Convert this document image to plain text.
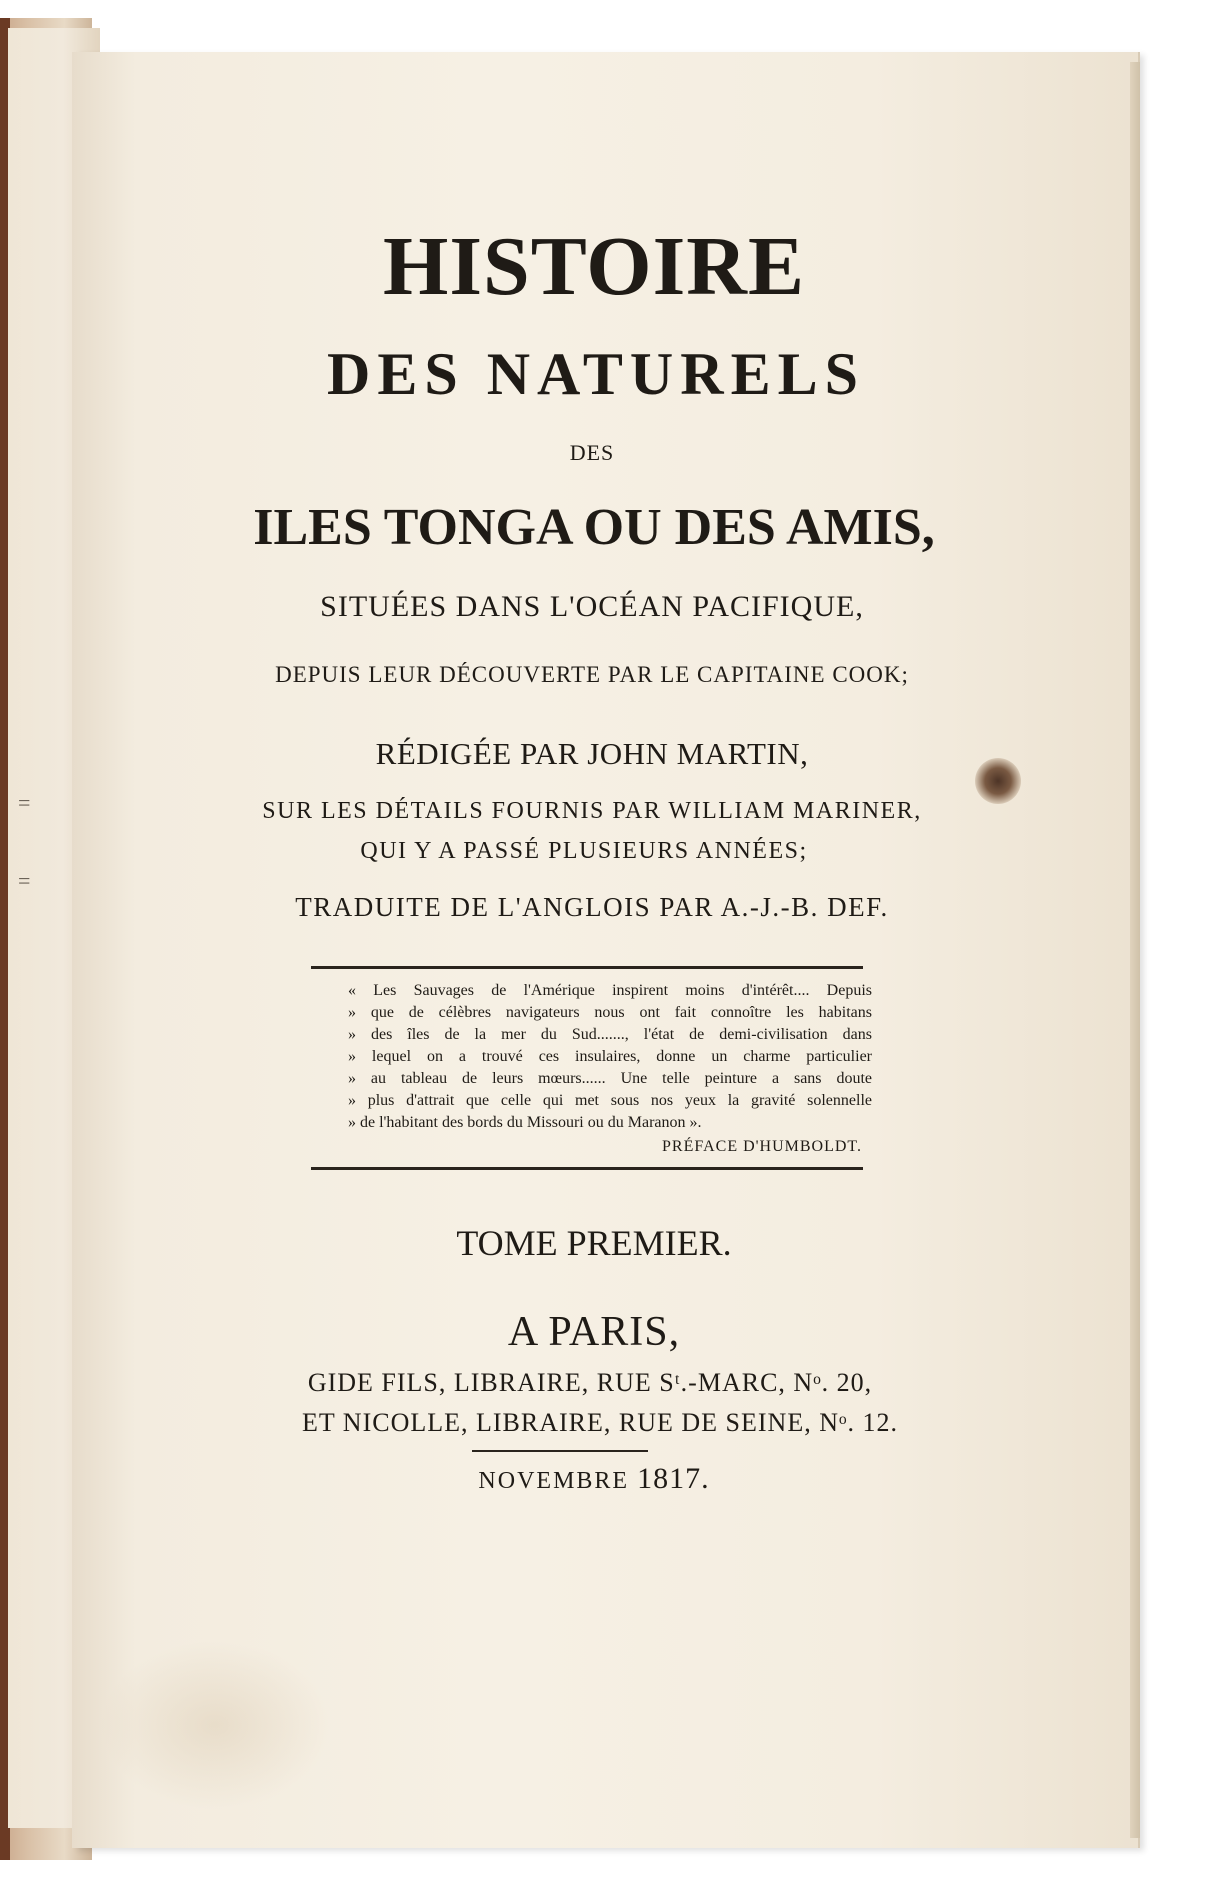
=
=
HISTOIRE
DES NATURELS
DES
ILES TONGA OU DES AMIS,
SITUÉES DANS L'OCÉAN PACIFIQUE,
DEPUIS LEUR DÉCOUVERTE PAR LE CAPITAINE COOK;
RÉDIGÉE PAR JOHN MARTIN,
SUR LES DÉTAILS FOURNIS PAR WILLIAM MARINER,
QUI Y A PASSÉ PLUSIEURS ANNÉES;
TRADUITE DE L'ANGLOIS PAR A.-J.-B. DEF.
« Les Sauvages de l'Amérique inspirent moins d'intérêt.... Depuis
» que de célèbres navigateurs nous ont fait connoître les habitans
» des îles de la mer du Sud......., l'état de demi-civilisation dans
» lequel on a trouvé ces insulaires, donne un charme particulier
» au tableau de leurs mœurs...... Une telle peinture a sans doute
» plus d'attrait que celle qui met sous nos yeux la gravité solennelle
» de l'habitant des bords du Missouri ou du Maranon ».
PRÉFACE D'HUMBOLDT.
TOME PREMIER.
A PARIS,
GIDE FILS, LIBRAIRE, RUE Sᵗ.-MARC, Nᵒ. 20,
ET NICOLLE, LIBRAIRE, RUE DE SEINE, Nᵒ. 12.
NOVEMBRE 1817.
